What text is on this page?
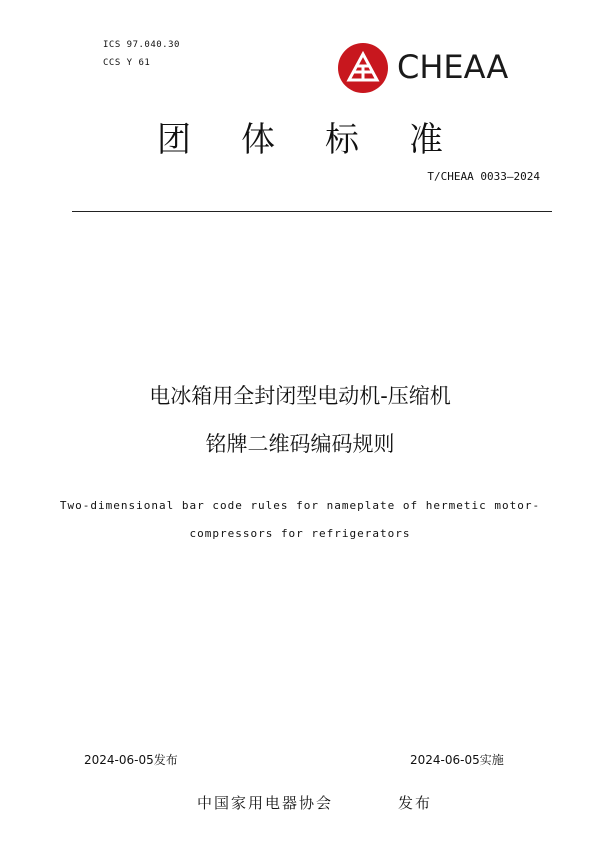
ICS 97.040.30
CCS Y 61	CHEAA
团体标准
T/CHEAA 0033—2024
电冰箱用全封闭型电动机-压缩机
铭牌二维码编码规则
Two-dimensional bar code rules for nameplate of hermetic motor-
compressors for refrigerators
2024-06-05发布	2024-06-05实施
中国家用电器协会	发布
